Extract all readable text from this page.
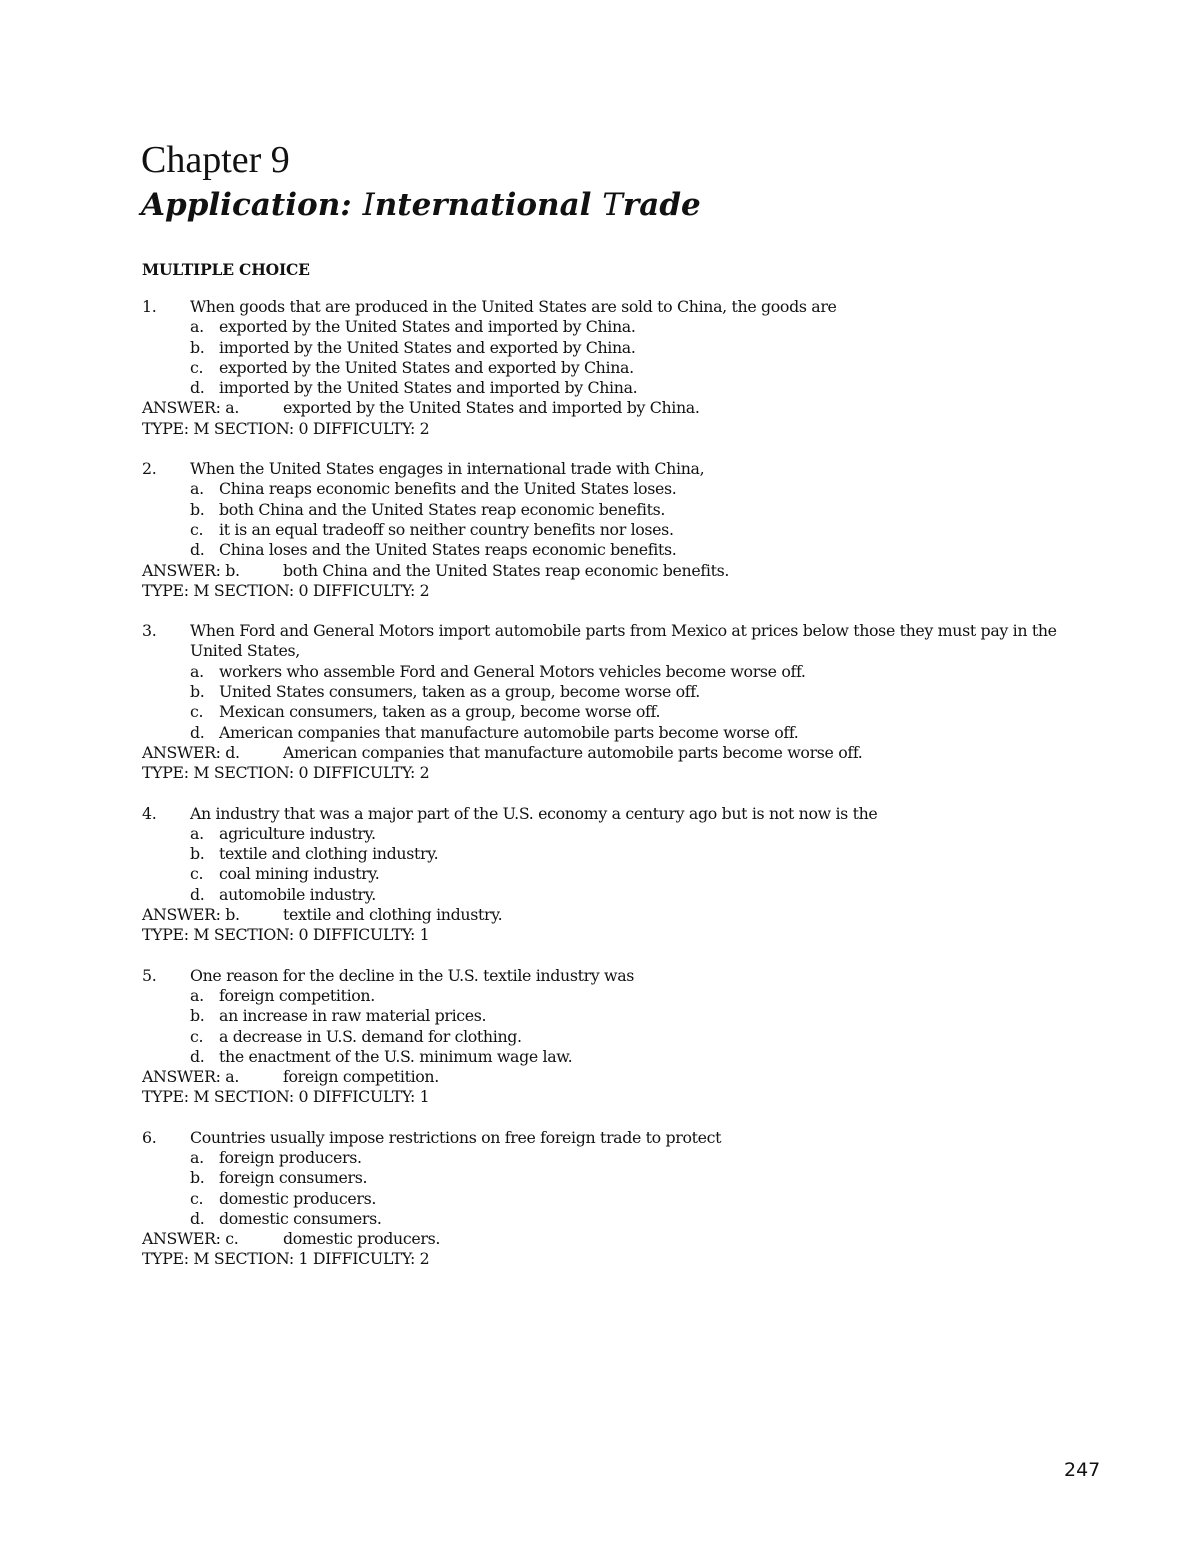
Chapter 9
Application: International Trade
MULTIPLE CHOICE
1.	When goods that are produced in the United States are sold to China, the goods are
a. exported by the United States and imported by China.
b. imported by the United States and exported by China.
c.	exported by the United States and exported by China.
d. imported by the United States and imported by China.
ANSWER: a.	exported by the United States and imported by China.
TYPE: M SECTION: 0 DIFFICULTY: 2
2.	When the United States engages in international trade with China,
a. China reaps economic benefits and the United States loses.
b. both China and the United States reap economic benefits.
c.	it is an equal tradeoff so neither country benefits nor loses.
d. China loses and the United States reaps economic benefits.
ANSWER: b.	both China and the United States reap economic benefits.
TYPE: M SECTION: 0 DIFFICULTY: 2
3.	When Ford and General Motors import automobile parts from Mexico at prices below those they must pay in the United States,
a. workers who assemble Ford and General Motors vehicles become worse off.
b. United States consumers, taken as a group, become worse off.
c.	Mexican consumers, taken as a group, become worse off.
d. American companies that manufacture automobile parts become worse off.
ANSWER: d.	American companies that manufacture automobile parts become worse off.
TYPE: M SECTION: 0 DIFFICULTY: 2
4.	An industry that was a major part of the U.S. economy a century ago but is not now is the
a. agriculture industry.
b. textile and clothing industry.
c.	coal mining industry.
d. automobile industry.
ANSWER: b.	textile and clothing industry.
TYPE: M SECTION: 0 DIFFICULTY: 1
5.	One reason for the decline in the U.S. textile industry was
a. foreign competition.
b. an increase in raw material prices.
c.	a decrease in U.S. demand for clothing.
d. the enactment of the U.S. minimum wage law.
ANSWER: a.	foreign competition.
TYPE: M SECTION: 0 DIFFICULTY: 1
6.	Countries usually impose restrictions on free foreign trade to protect
a. foreign producers.
b. foreign consumers.
c.	domestic producers.
d. domestic consumers.
ANSWER: c.	domestic producers.
TYPE: M SECTION: 1 DIFFICULTY: 2
247
